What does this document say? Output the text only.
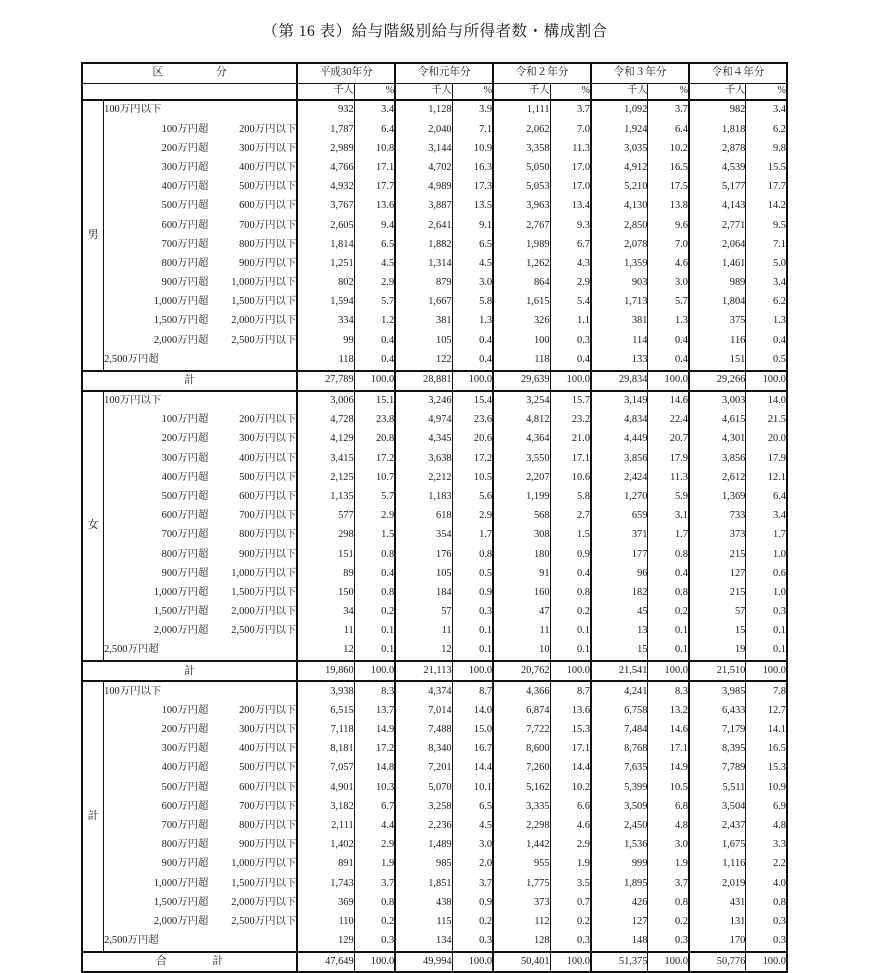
（第 16 表）給与階級別給与所得者数・構成割合
区　　　　　分			平成30年分		令和元年分		令和２年分		令和３年分		令和４年分	
			千人	%	千人	%	千人	%	千人	%	千人	%
男	100万円以下		932	3.4	1,128	3.9	1,111	3.7	1,092	3.7	982	3.4
	100万円超	200万円以下	1,787	6.4	2,040	7.1	2,062	7.0	1,924	6.4	1,818	6.2
	200万円超	300万円以下	2,989	10.8	3,144	10.9	3,358	11.3	3,035	10.2	2,878	9.8
	300万円超	400万円以下	4,766	17.1	4,702	16.3	5,050	17.0	4,912	16.5	4,539	15.5
	400万円超	500万円以下	4,932	17.7	4,989	17.3	5,053	17.0	5,210	17.5	5,177	17.7
	500万円超	600万円以下	3,767	13.6	3,887	13.5	3,963	13.4	4,130	13.8	4,143	14.2
	600万円超	700万円以下	2,605	9.4	2,641	9.1	2,767	9.3	2,850	9.6	2,771	9.5
	700万円超	800万円以下	1,814	6.5	1,882	6.5	1,989	6.7	2,078	7.0	2,064	7.1
	800万円超	900万円以下	1,251	4.5	1,314	4.5	1,262	4.3	1,359	4.6	1,461	5.0
	900万円超	1,000万円以下	802	2.9	879	3.0	864	2.9	903	3.0	989	3.4
	1,000万円超	1,500万円以下	1,594	5.7	1,667	5.8	1,615	5.4	1,713	5.7	1,804	6.2
	1,500万円超	2,000万円以下	334	1.2	381	1.3	326	1.1	381	1.3	375	1.3
	2,000万円超	2,500万円以下	99	0.4	105	0.4	100	0.3	114	0.4	116	0.4
	2,500万円超		118	0.4	122	0.4	118	0.4	133	0.4	151	0.5
計			27,789	100.0	28,881	100.0	29,639	100.0	29,834	100.0	29,266	100.0
女	100万円以下		3,006	15.1	3,246	15.4	3,254	15.7	3,149	14.6	3,003	14.0
	100万円超	200万円以下	4,728	23.8	4,974	23.6	4,812	23.2	4,834	22.4	4,615	21.5
	200万円超	300万円以下	4,129	20.8	4,345	20.6	4,364	21.0	4,449	20.7	4,301	20.0
	300万円超	400万円以下	3,415	17.2	3,638	17.2	3,550	17.1	3,856	17.9	3,856	17.9
	400万円超	500万円以下	2,125	10.7	2,212	10.5	2,207	10.6	2,424	11.3	2,612	12.1
	500万円超	600万円以下	1,135	5.7	1,183	5.6	1,199	5.8	1,270	5.9	1,369	6.4
	600万円超	700万円以下	577	2.9	618	2.9	568	2.7	659	3.1	733	3.4
	700万円超	800万円以下	298	1.5	354	1.7	308	1.5	371	1.7	373	1.7
	800万円超	900万円以下	151	0.8	176	0.8	180	0.9	177	0.8	215	1.0
	900万円超	1,000万円以下	89	0.4	105	0.5	91	0.4	96	0.4	127	0.6
	1,000万円超	1,500万円以下	150	0.8	184	0.9	160	0.8	182	0.8	215	1.0
	1,500万円超	2,000万円以下	34	0.2	57	0.3	47	0.2	45	0.2	57	0.3
	2,000万円超	2,500万円以下	11	0.1	11	0.1	11	0.1	13	0.1	15	0.1
	2,500万円超		12	0.1	12	0.1	10	0.1	15	0.1	19	0.1
計			19,860	100.0	21,113	100.0	20,762	100.0	21,541	100.0	21,510	100.0
計	100万円以下		3,938	8.3	4,374	8.7	4,366	8.7	4,241	8.3	3,985	7.8
	100万円超	200万円以下	6,515	13.7	7,014	14.0	6,874	13.6	6,758	13.2	6,433	12.7
	200万円超	300万円以下	7,118	14.9	7,488	15.0	7,722	15.3	7,484	14.6	7,179	14.1
	300万円超	400万円以下	8,181	17.2	8,340	16.7	8,600	17.1	8,768	17.1	8,395	16.5
	400万円超	500万円以下	7,057	14.8	7,201	14.4	7,260	14.4	7,635	14.9	7,789	15.3
	500万円超	600万円以下	4,901	10.3	5,070	10.1	5,162	10.2	5,399	10.5	5,511	10.9
	600万円超	700万円以下	3,182	6.7	3,258	6.5	3,335	6.6	3,509	6.8	3,504	6.9
	700万円超	800万円以下	2,111	4.4	2,236	4.5	2,298	4.6	2,450	4.8	2,437	4.8
	800万円超	900万円以下	1,402	2.9	1,489	3.0	1,442	2.9	1,536	3.0	1,675	3.3
	900万円超	1,000万円以下	891	1.9	985	2.0	955	1.9	999	1.9	1,116	2.2
	1,000万円超	1,500万円以下	1,743	3.7	1,851	3.7	1,775	3.5	1,895	3.7	2,019	4.0
	1,500万円超	2,000万円以下	369	0.8	438	0.9	373	0.7	426	0.8	431	0.8
	2,000万円超	2,500万円以下	110	0.2	115	0.2	112	0.2	127	0.2	131	0.3
	2,500万円超		129	0.3	134	0.3	128	0.3	148	0.3	170	0.3
合　　計			47,649	100.0	49,994	100.0	50,401	100.0	51,375	100.0	50,776	100.0
